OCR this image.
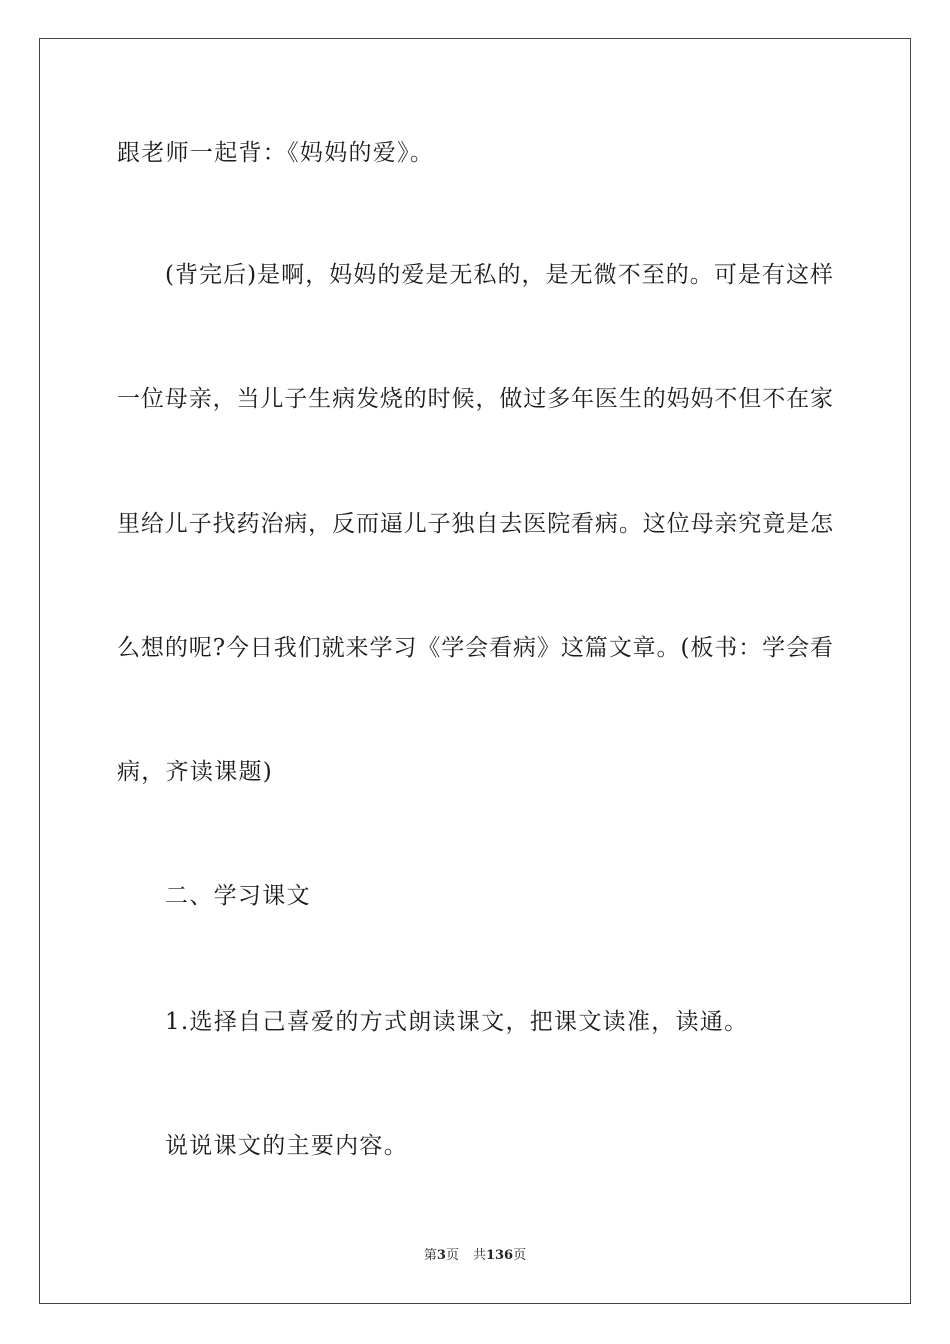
跟老师一起背：《妈妈的爱》。
(背完后)是啊，妈妈的爱是无私的，是无微不至的。可是有这样
一位母亲，当儿子生病发烧的时候，做过多年医生的妈妈不但不在家
里给儿子找药治病，反而逼儿子独自去医院看病。这位母亲究竟是怎
么想的呢?今日我们就来学习《学会看病》这篇文章。(板书：学会看
病，齐读课题)
二、学习课文
1.选择自己喜爱的方式朗读课文，把课文读准，读通。
说说课文的主要内容。
第3页 共136页
